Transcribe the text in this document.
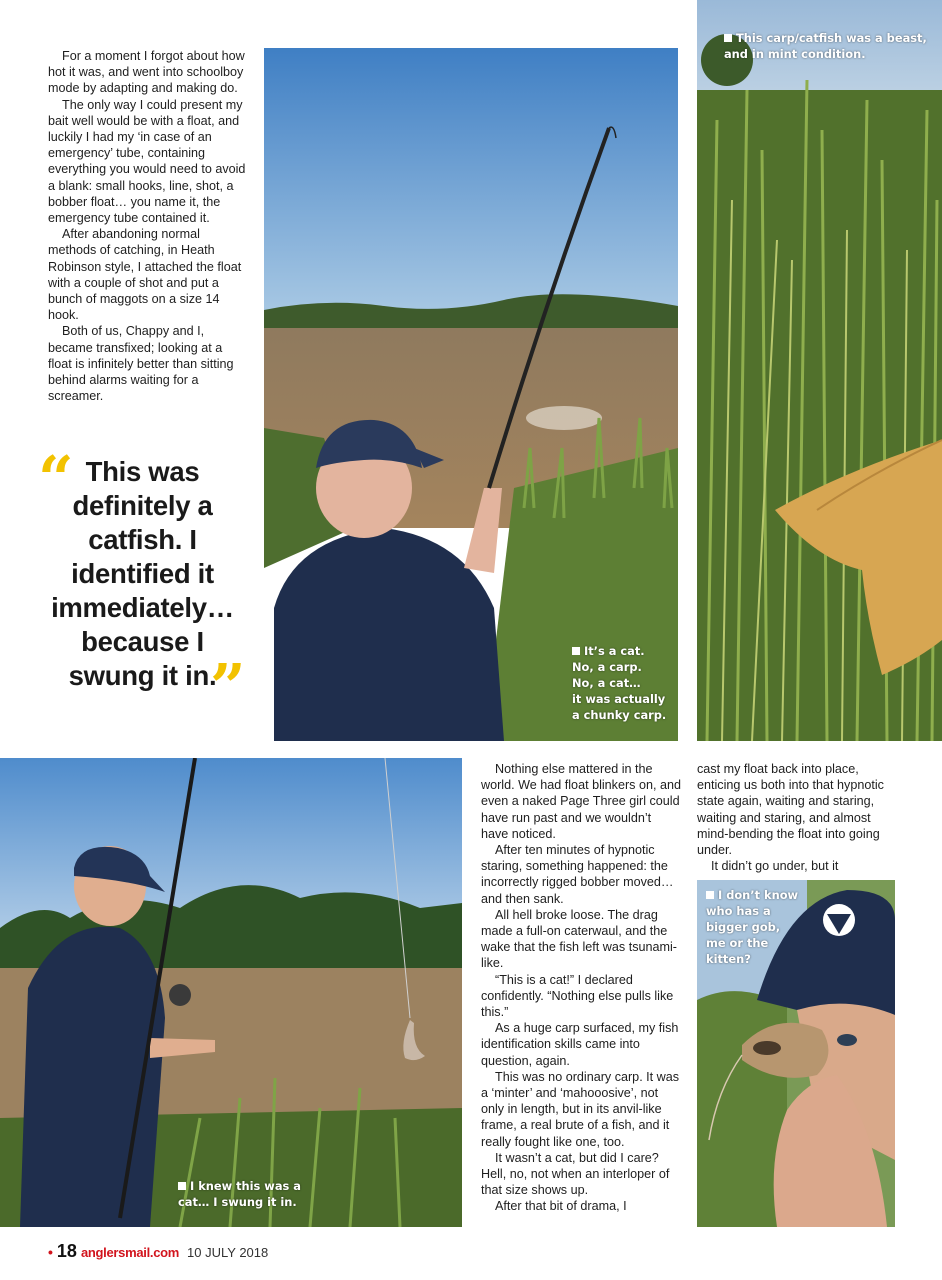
For a moment I forgot about how hot it was, and went into schoolboy mode by adapting and making do.

The only way I could present my bait well would be with a float, and luckily I had my ‘in case of an emergency’ tube, containing everything you would need to avoid a blank: small hooks, line, shot, a bobber float… you name it, the emergency tube contained it.

After abandoning normal methods of catching, in Heath Robinson style, I attached the float with a couple of shot and put a bunch of maggots on a size 14 hook.

Both of us, Chappy and I, became transfixed; looking at a float is infinitely better than sitting behind alarms waiting for a screamer.

“ This was definitely a catfish. I identified it immediately… because I swung it in.
”	It’s a cat.
No, a carp.
No, a cat…
it was actually
a chunky carp.
This carp/catfish was a beast,
and in mint condition.
I knew this was a
cat… I swung it in.

Nothing else mattered in the world. We had float blinkers on, and even a naked Page Three girl could have run past and we wouldn’t have noticed.

After ten minutes of hypnotic staring, something happened: the incorrectly rigged bobber moved… and then sank.

All hell broke loose. The drag made a full-on caterwaul, and the wake that the fish left was tsunami-like.

“This is a cat!” I declared confidently. “Nothing else pulls like this.”

As a huge carp surfaced, my fish identification skills came into question, again.

This was no ordinary carp. It was a ‘minter’ and ‘mahooosive’, not only in length, but in its anvil-like frame, a real brute of a fish, and it really fought like one, too.

It wasn’t a cat, but did I care? Hell, no, not when an interloper of that size shows up.

After that bit of drama, I

cast my float back into place, enticing us both into that hypnotic state again, waiting and staring, waiting and staring, and almost mind-bending the float into going under.

It didn’t go under, but it

I don’t know
who has a
bigger gob,
me or the
kitten?
• 18 anglersmail.com 10 JULY 2018
